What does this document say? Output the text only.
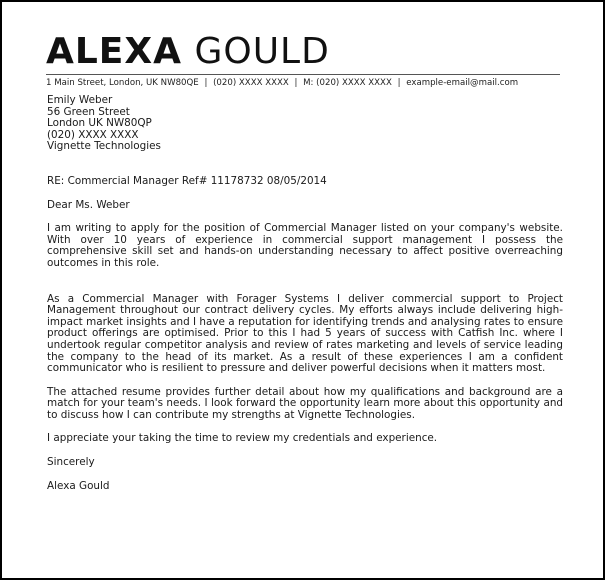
ALEXA GOULD
1 Main Street, London, UK NW80QE | (020) XXXX XXXX | M: (020) XXXX XXXX | example-email@mail.com
Emily Weber
56 Green Street
London UK NW80QP
(020) XXXX XXXX
Vignette Technologies

RE: Commercial Manager Ref# 11178732 08/05/2014

Dear Ms. Weber

I am writing to apply for the position of Commercial Manager listed on your company's website. With over 10 years of experience in commercial support management I possess the comprehensive skill set and hands-on understanding necessary to affect positive overreaching outcomes in this role.

As a Commercial Manager with Forager Systems I deliver commercial support to Project Management throughout our contract delivery cycles. My efforts always include delivering high-impact market insights and I have a reputation for identifying trends and analysing rates to ensure product offerings are optimised. Prior to this I had 5 years of success with Catfish Inc. where I undertook regular competitor analysis and review of rates marketing and levels of service leading the company to the head of its market. As a result of these experiences I am a confident communicator who is resilient to pressure and deliver powerful decisions when it matters most.

The attached resume provides further detail about how my qualifications and background are a match for your team's needs. I look forward the opportunity learn more about this opportunity and to discuss how I can contribute my strengths at Vignette Technologies.

I appreciate your taking the time to review my credentials and experience.

Sincerely

Alexa Gould
